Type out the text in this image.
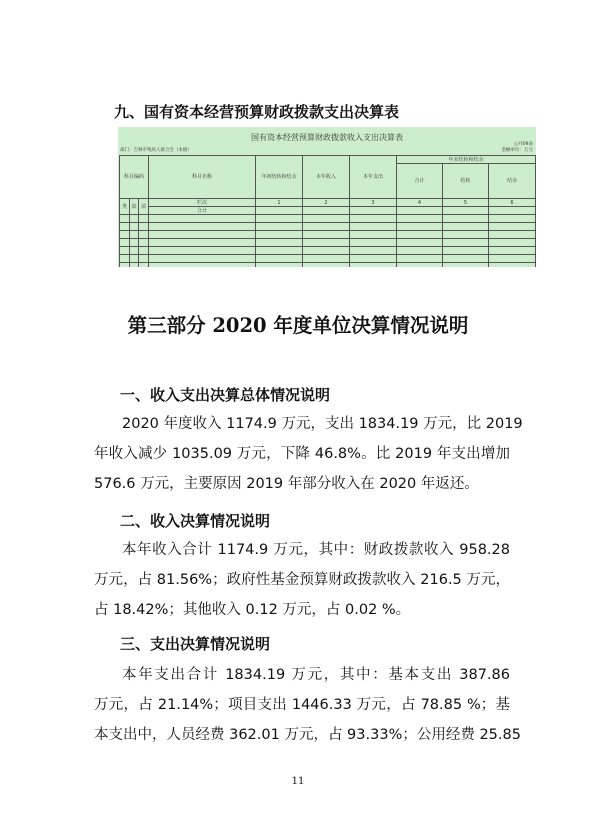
九、国有资本经营预算财政拨款支出决算表
国有资本经营预算财政拨款收入支出决算表
公开09表
部门：吉林市残疾人联合会（本级）	金额单位：万元
科目编码			科目名称	年初结转和结余	本年收入	本年支出	年末结转和结余		
							合计	结转	结余

类	款	项	栏次	1	2	3	4	5	6
			合计						

第三部分 2020 年度单位决算情况说明
一、收入支出决算总体情况说明
2020 年度收入 1174.9 万元，支出 1834.19 万元，比 2019
年收入减少 1035.09 万元，下降 46.8%。比 2019 年支出增加
576.6 万元，主要原因 2019 年部分收入在 2020 年返还。
二、收入决算情况说明
本年收入合计 1174.9 万元，其中：财政拨款收入 958.28
万元，占 81.56%；政府性基金预算财政拨款收入 216.5 万元，
占 18.42%；其他收入 0.12 万元，占 0.02 %。
三、支出决算情况说明
本年支出合计 1834.19 万元，其中：基本支出 387.86
万元，占 21.14%；项目支出 1446.33 万元，占 78.85 %；基
本支出中，人员经费 362.01 万元，占 93.33%；公用经费 25.85
11
